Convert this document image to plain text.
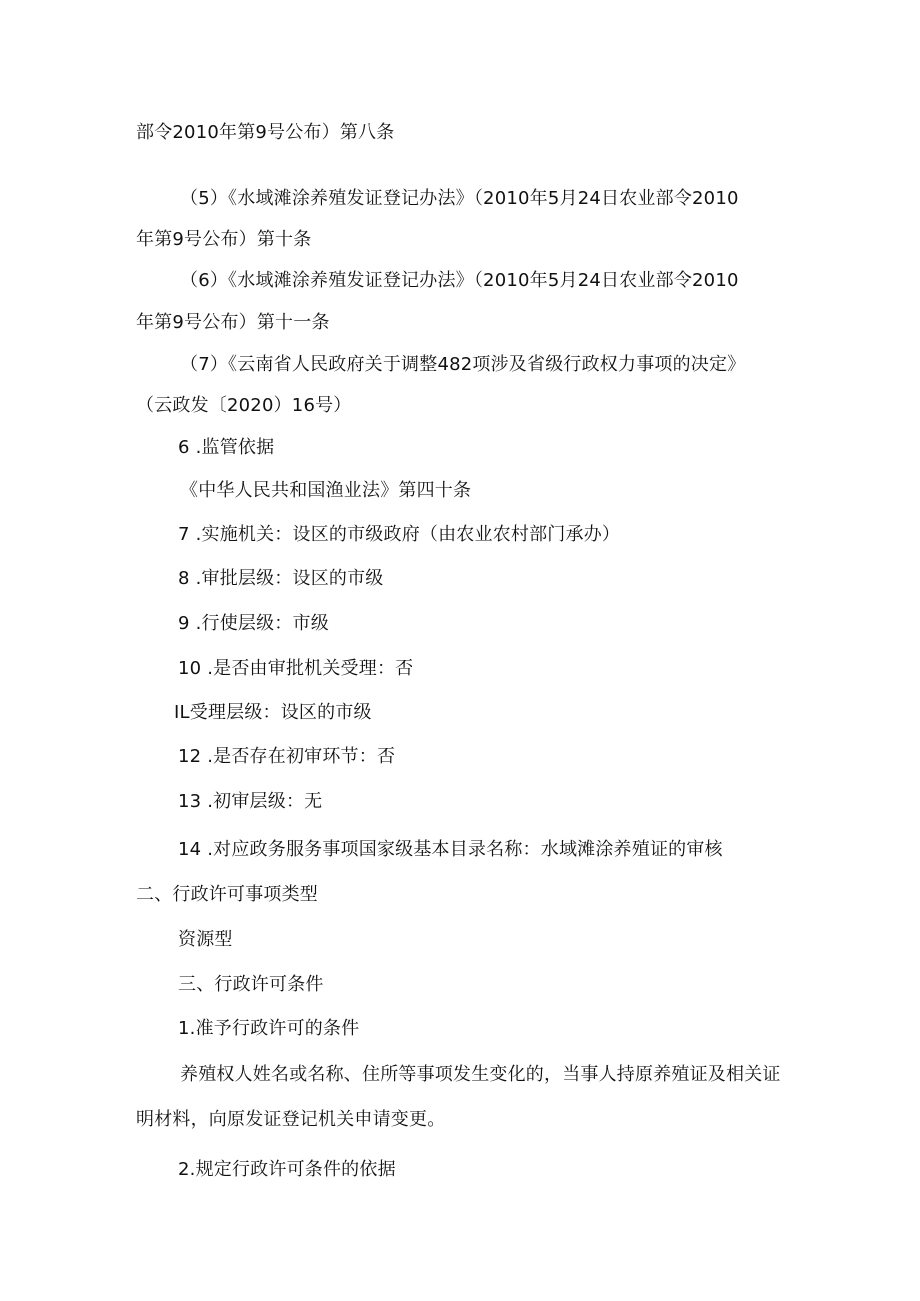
部令2010年第9号公布）第八条
（5）《水域滩涂养殖发证登记办法》（2010年5月24日农业部令2010
年第9号公布）第十条
（6）《水域滩涂养殖发证登记办法》（2010年5月24日农业部令2010
年第9号公布）第十一条
（7）《云南省人民政府关于调整482项涉及省级行政权力事项的决定》
（云政发〔2020）16号）
6 .监管依据
《中华人民共和国渔业法》第四十条
7 .实施机关：设区的市级政府（由农业农村部门承办）
8 .审批层级：设区的市级
9 .行使层级：市级
10 .是否由审批机关受理：否
IL受理层级：设区的市级
12 .是否存在初审环节：否
13 .初审层级：无
14 .对应政务服务事项国家级基本目录名称：水域滩涂养殖证的审核
二、行政许可事项类型
资源型
三、行政许可条件
1.准予行政许可的条件
养殖权人姓名或名称、住所等事项发生变化的，当事人持原养殖证及相关证
明材料，向原发证登记机关申请变更。
2.规定行政许可条件的依据
